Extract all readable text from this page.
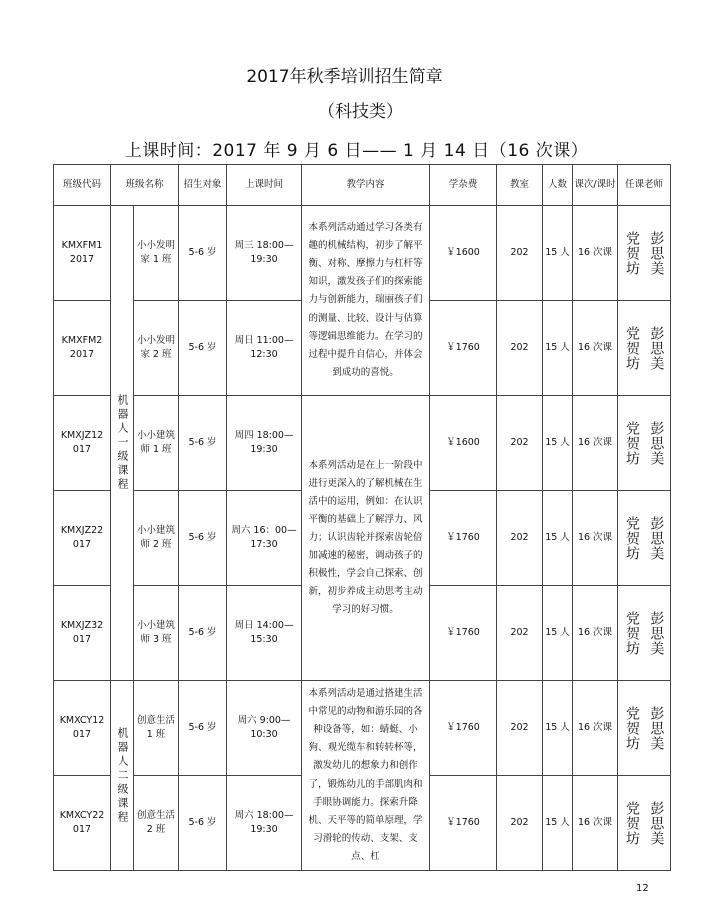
2017年秋季培训招生简章
（科技类）
上课时间：2017 年 9 月 6 日—— 1 月 14 日（16 次课）
班级代码	班级名称		招生对象	上课时间	教学内容	学杂费	教室	人数	课次/课时	任课老师
KMXFM1 2017	机器人一级课程	小小发明家 1 班	5-6 岁	周三 18:00—19:30	本系列活动通过学习各类有趣的机械结构，初步了解平衡、对称、摩擦力与杠杆等知识，激发孩子们的探索能力与创新能力，瑞丽孩子们的测量、比较、设计与估算等逻辑思维能力。在学习的过程中提升自信心，并体会到成功的喜悦。	￥1600	202	15 人	16 次课	党贺坊 彭思美

KMXFM2 2017		小小发明家 2 班	5-6 岁	周日 11:00—12:30		￥1760	202	15 人	16 次课	党贺坊 彭思美

KMXJZ12 017		小小建筑师 1 班	5-6 岁	周四 18:00—19:30	本系列活动是在上一阶段中进行更深入的了解机械在生活中的运用，例如：在认识平衡的基础上了解浮力、风力；认识齿轮并探索齿轮倍加减速的秘密，调动孩子的积极性，学会自己探索、创新，初步养成主动思考主动学习的好习惯。	￥1600	202	15 人	16 次课	党贺坊 彭思美

KMXJZ22 017		小小建筑师 2 班	5-6 岁	周六 16：00—17:30		￥1760	202	15 人	16 次课	党贺坊 彭思美

KMXJZ32 017		小小建筑师 3 班	5-6 岁	周日 14:00—15:30		￥1760	202	15 人	16 次课	党贺坊 彭思美

KMXCY12 017	机器人二级课程	创意生活 1 班	5-6 岁	周六 9:00—10:30	本系列活动是通过搭建生活中常见的动物和游乐园的各种设备等，如：蜻蜓、小狗、观光缆车和转转杯等，激发幼儿的想象力和创作了，锻炼幼儿的手部肌肉和手眼协调能力。探索升降机、天平等的简单原理，学习滑轮的传动、支架、支点、杠	￥1760	202	15 人	16 次课	党贺坊 彭思美

KMXCY22 017		创意生活 2 班	5-6 岁	周六 18:00—19:30		￥1760	202	15 人	16 次课	党贺坊 彭思美
12
